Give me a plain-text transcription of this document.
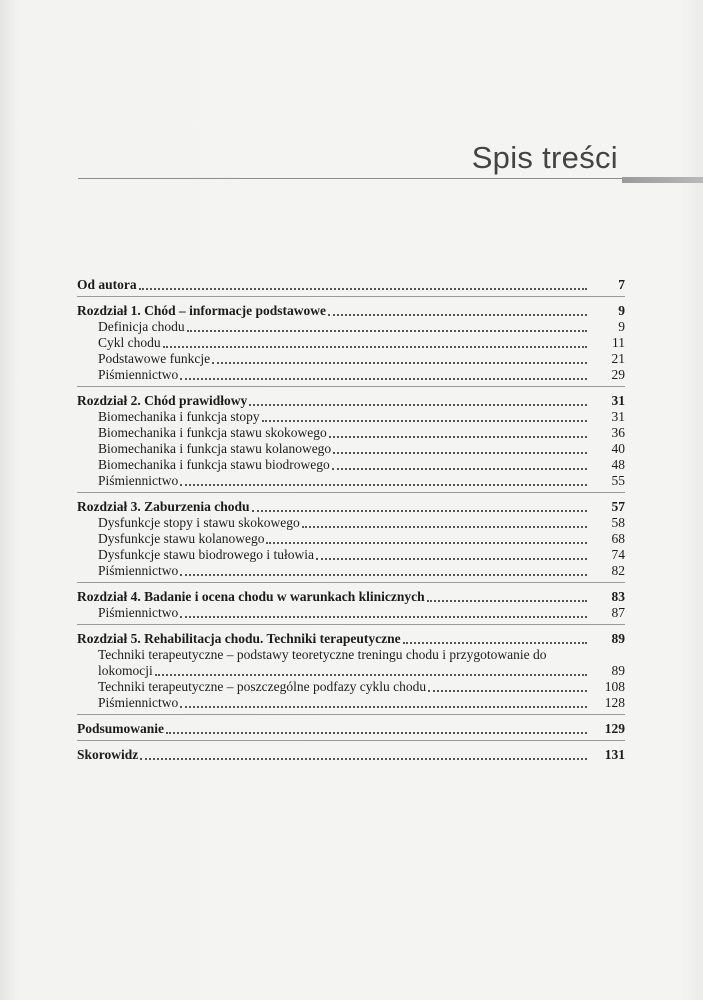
Spis treści
Od autora	7
Rozdział 1. Chód – informacje podstawowe	9
Definicja chodu	9
Cykl chodu	11
Podstawowe funkcje	21
Piśmiennictwo	29
Rozdział 2. Chód prawidłowy	31
Biomechanika i funkcja stopy	31
Biomechanika i funkcja stawu skokowego	36
Biomechanika i funkcja stawu kolanowego	40
Biomechanika i funkcja stawu biodrowego	48
Piśmiennictwo	55
Rozdział 3. Zaburzenia chodu	57
Dysfunkcje stopy i stawu skokowego	58
Dysfunkcje stawu kolanowego	68
Dysfunkcje stawu biodrowego i tułowia	74
Piśmiennictwo	82
Rozdział 4. Badanie i ocena chodu w warunkach klinicznych	83
Piśmiennictwo	87
Rozdział 5. Rehabilitacja chodu. Techniki terapeutyczne	89
Techniki terapeutyczne – podstawy teoretyczne treningu chodu i przygotowanie do
lokomocji	89
Techniki terapeutyczne – poszczególne podfazy cyklu chodu	108
Piśmiennictwo	128
Podsumowanie	129
Skorowidz	131
